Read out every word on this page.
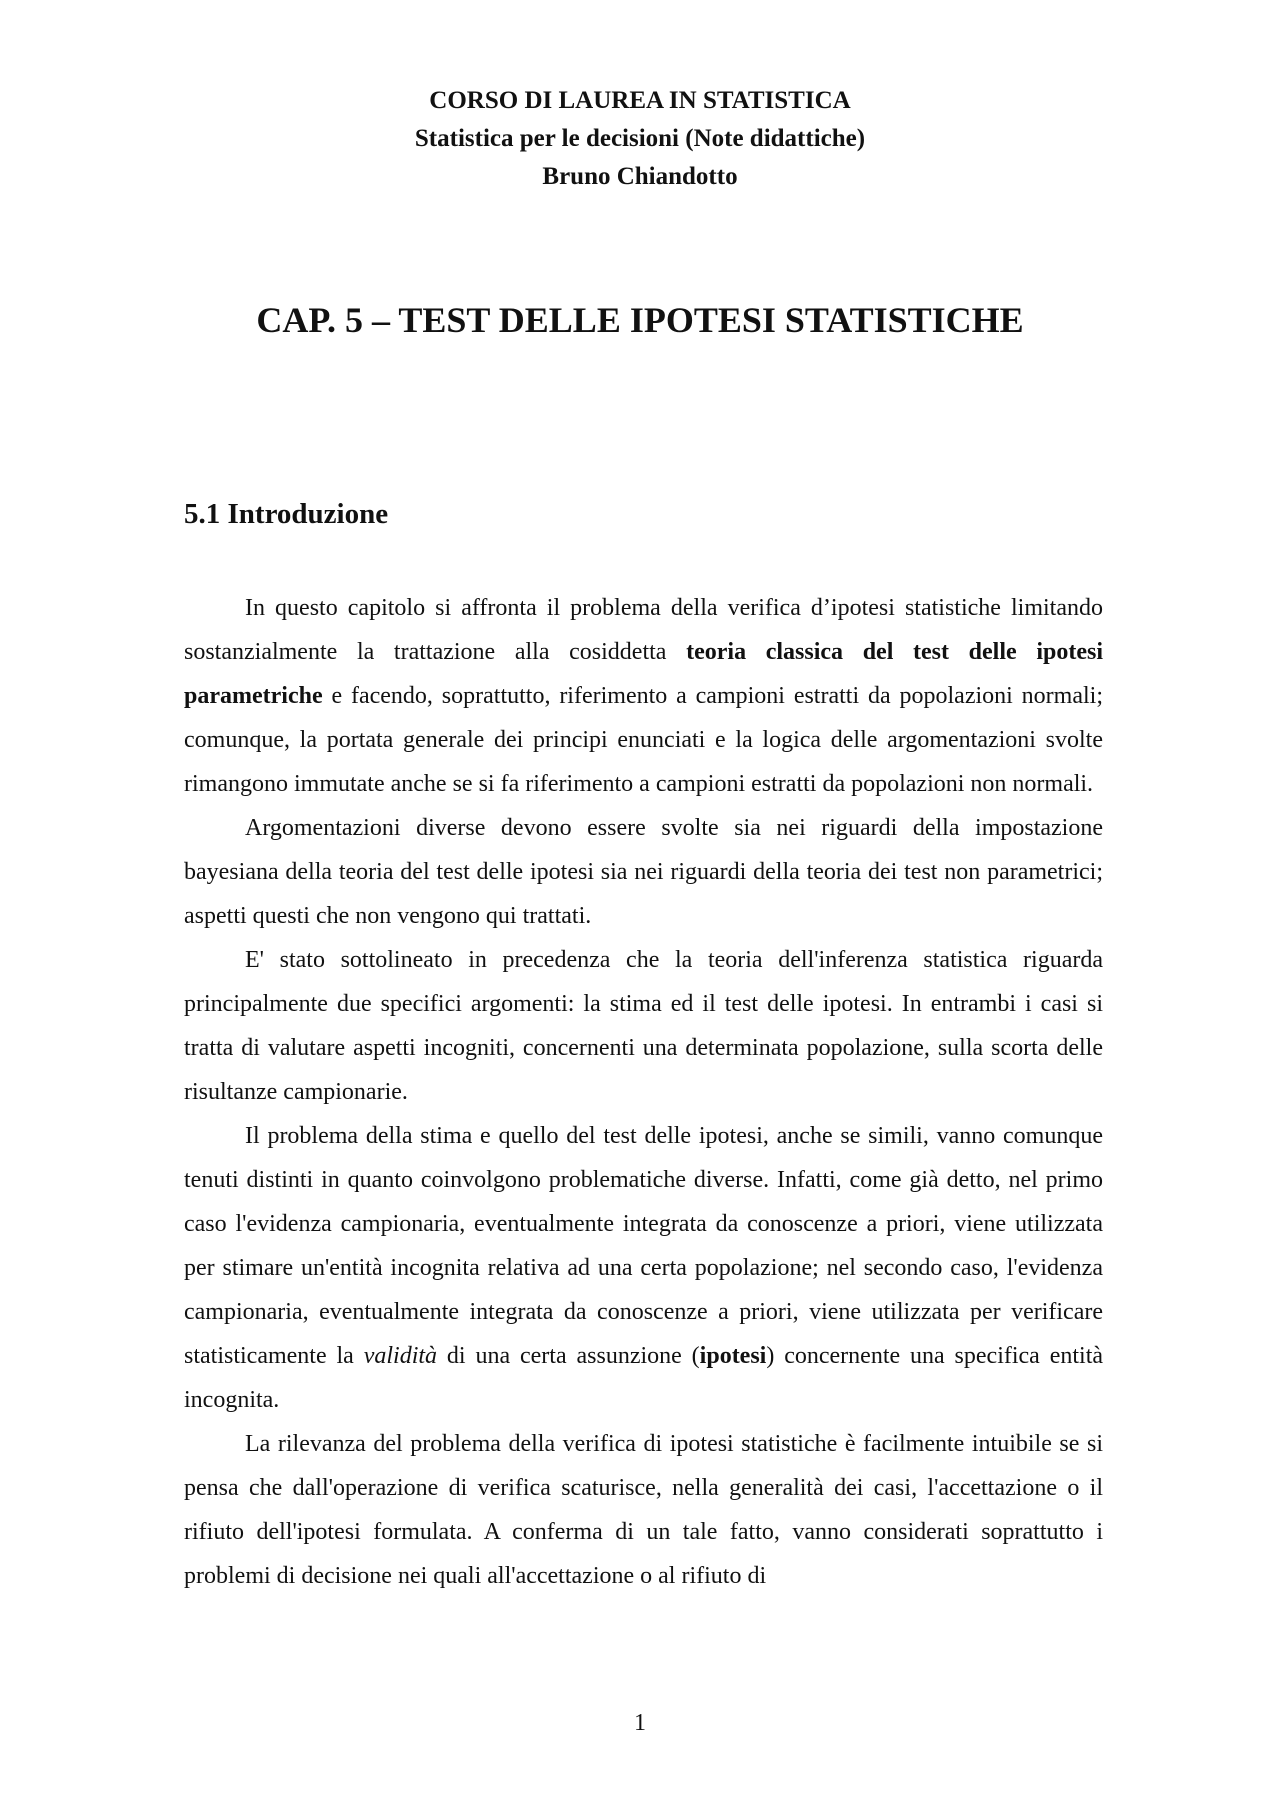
CORSO DI LAUREA IN STATISTICA
Statistica per le decisioni (Note didattiche)
Bruno Chiandotto
CAP. 5 – TEST DELLE IPOTESI STATISTICHE
5.1 Introduzione

In questo capitolo si affronta il problema della verifica d’ipotesi statistiche limitando sostanzialmente la trattazione alla cosiddetta teoria classica del test delle ipotesi parametriche e facendo, soprattutto, riferimento a campioni estratti da popolazioni normali; comunque, la portata generale dei principi enunciati e la logica delle argomentazioni svolte rimangono immutate anche se si fa riferimento a campioni estratti da popolazioni non normali.

Argomentazioni diverse devono essere svolte sia nei riguardi della impostazione bayesiana della teoria del test delle ipotesi sia nei riguardi della teoria dei test non parametrici; aspetti questi che non vengono qui trattati.

E' stato sottolineato in precedenza che la teoria dell'inferenza statistica riguarda principalmente due specifici argomenti: la stima ed il test delle ipotesi. In entrambi i casi si tratta di valutare aspetti incogniti, concernenti una determinata popolazione, sulla scorta delle risultanze campionarie.

Il problema della stima e quello del test delle ipotesi, anche se simili, vanno comunque tenuti distinti in quanto coinvolgono problematiche diverse. Infatti, come già detto, nel primo caso l'evidenza campionaria, eventualmente integrata da conoscenze a priori, viene utilizzata per stimare un'entità incognita relativa ad una certa popolazione; nel secondo caso, l'evidenza campionaria, eventualmente integrata da conoscenze a priori, viene utilizzata per verificare statisticamente la validità di una certa assunzione (ipotesi) concernente una specifica entità incognita.

La rilevanza del problema della verifica di ipotesi statistiche è facilmente intuibile se si pensa che dall'operazione di verifica scaturisce, nella generalità dei casi, l'accettazione o il rifiuto dell'ipotesi formulata. A conferma di un tale fatto, vanno considerati soprattutto i problemi di decisione nei quali all'accettazione o al rifiuto di

1
